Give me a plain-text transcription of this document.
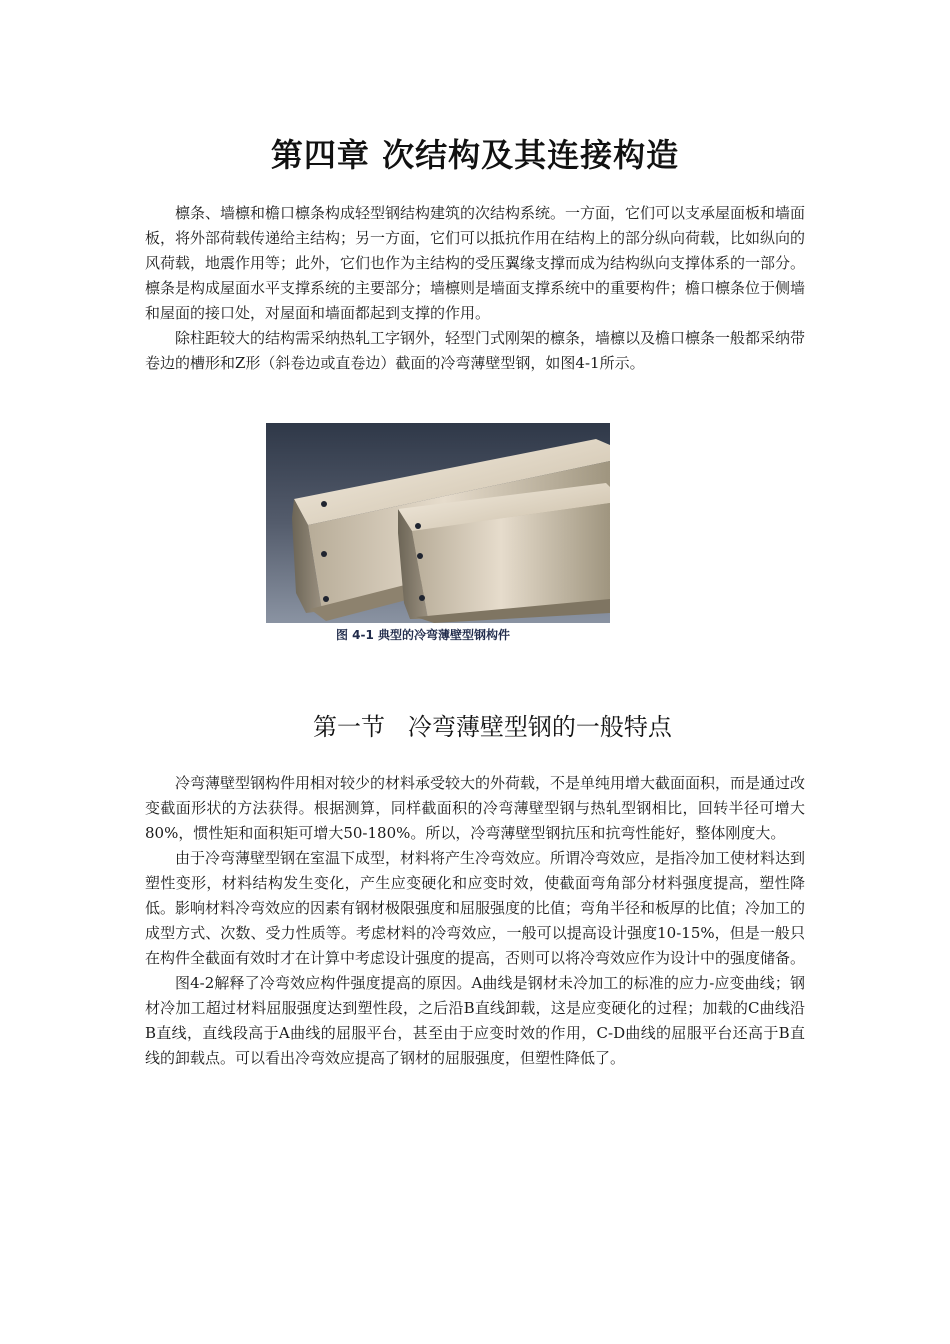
第四章 次结构及其连接构造

檩条、墙檩和檐口檩条构成轻型钢结构建筑的次结构系统。一方面，它们可以支承屋面板和墙面板，将外部荷载传递给主结构；另一方面，它们可以抵抗作用在结构上的部分纵向荷载，比如纵向的风荷载，地震作用等；此外，它们也作为主结构的受压翼缘支撑而成为结构纵向支撑体系的一部分。檩条是构成屋面水平支撑系统的主要部分；墙檩则是墙面支撑系统中的重要构件；檐口檩条位于侧墙和屋面的接口处，对屋面和墙面都起到支撑的作用。

除柱距较大的结构需采纳热轧工字钢外，轻型门式刚架的檩条，墙檩以及檐口檩条一般都采纳带卷边的槽形和Z形（斜卷边或直卷边）截面的冷弯薄壁型钢，如图4-1所示。

图 4-1 典型的冷弯薄壁型钢构件
第一节   冷弯薄壁型钢的一般特点

冷弯薄壁型钢构件用相对较少的材料承受较大的外荷载，不是单纯用增大截面面积，而是通过改变截面形状的方法获得。根据测算，同样截面积的冷弯薄壁型钢与热轧型钢相比，回转半径可增大80%，惯性矩和面积矩可增大50-180%。所以，冷弯薄壁型钢抗压和抗弯性能好，整体刚度大。

由于冷弯薄壁型钢在室温下成型，材料将产生冷弯效应。所谓冷弯效应，是指冷加工使材料达到塑性变形，材料结构发生变化，产生应变硬化和应变时效，使截面弯角部分材料强度提高，塑性降低。影响材料冷弯效应的因素有钢材极限强度和屈服强度的比值；弯角半径和板厚的比值；冷加工的成型方式、次数、受力性质等。考虑材料的冷弯效应，一般可以提高设计强度10-15%，但是一般只在构件全截面有效时才在计算中考虑设计强度的提高，否则可以将冷弯效应作为设计中的强度储备。

图4-2解释了冷弯效应构件强度提高的原因。A曲线是钢材未冷加工的标准的应力-应变曲线；钢材冷加工超过材料屈服强度达到塑性段，之后沿B直线卸载，这是应变硬化的过程；加载的C曲线沿B直线，直线段高于A曲线的屈服平台，甚至由于应变时效的作用，C-D曲线的屈服平台还高于B直线的卸载点。可以看出冷弯效应提高了钢材的屈服强度，但塑性降低了。
